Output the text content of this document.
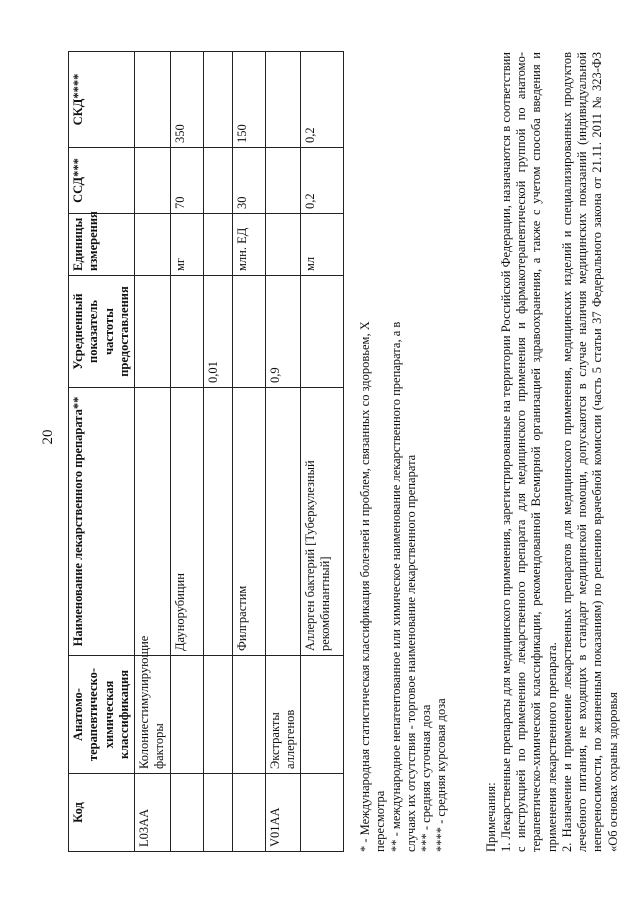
20
Код	Анатомо-терапевтическо-химическая классификация	Наименование лекарственного препарата**	Усредненный показатель частоты предоставления	Единицы измерения	ССД***	СКД****
L03AA	Колониестимулирующие факторы					
		Даунорубицин		мг	70	350
			0,01			
		Филграстим		млн. ЕД	30	150
V01AA	Экстракты аллергенов		0,9			
		Аллерген бактерий [Туберкулезный рекомбинантный]		мл	0,2	0,2

* - Международная статистическая классификация болезней и проблем, связанных со здоровьем, X пересмотра ** - международное непатентованное или химическое наименование лекарственного препарата, а в случаях их отсутствия - торговое наименование лекарственного препарата *** - средняя суточная доза **** - средняя курсовая доза	Примечания: 1. Лекарственные препараты для медицинского применения, зарегистрированные на территории Российской Федерации, назначаются в соответствии с инструкцией по применению лекарственного препарата для медицинского применения и фармакотерапевтической группой по анатомо-терапевтическо-химической классификации, рекомендованной Всемирной организацией здравоохранения, а также с учетом способа введения и применения лекарственного препарата. 2. Назначение и применение лекарственных препаратов для медицинского применения, медицинских изделий и специализированных продуктов лечебного питания, не входящих в стандарт медицинской помощи, допускаются в случае наличия медицинских показаний (индивидуальной непереносимости, по жизненным показаниям) по решению врачебной комиссии (часть 5 статьи 37 Федерального закона от 21.11. 2011 № 323-ФЗ «Об основах охраны здоровья
